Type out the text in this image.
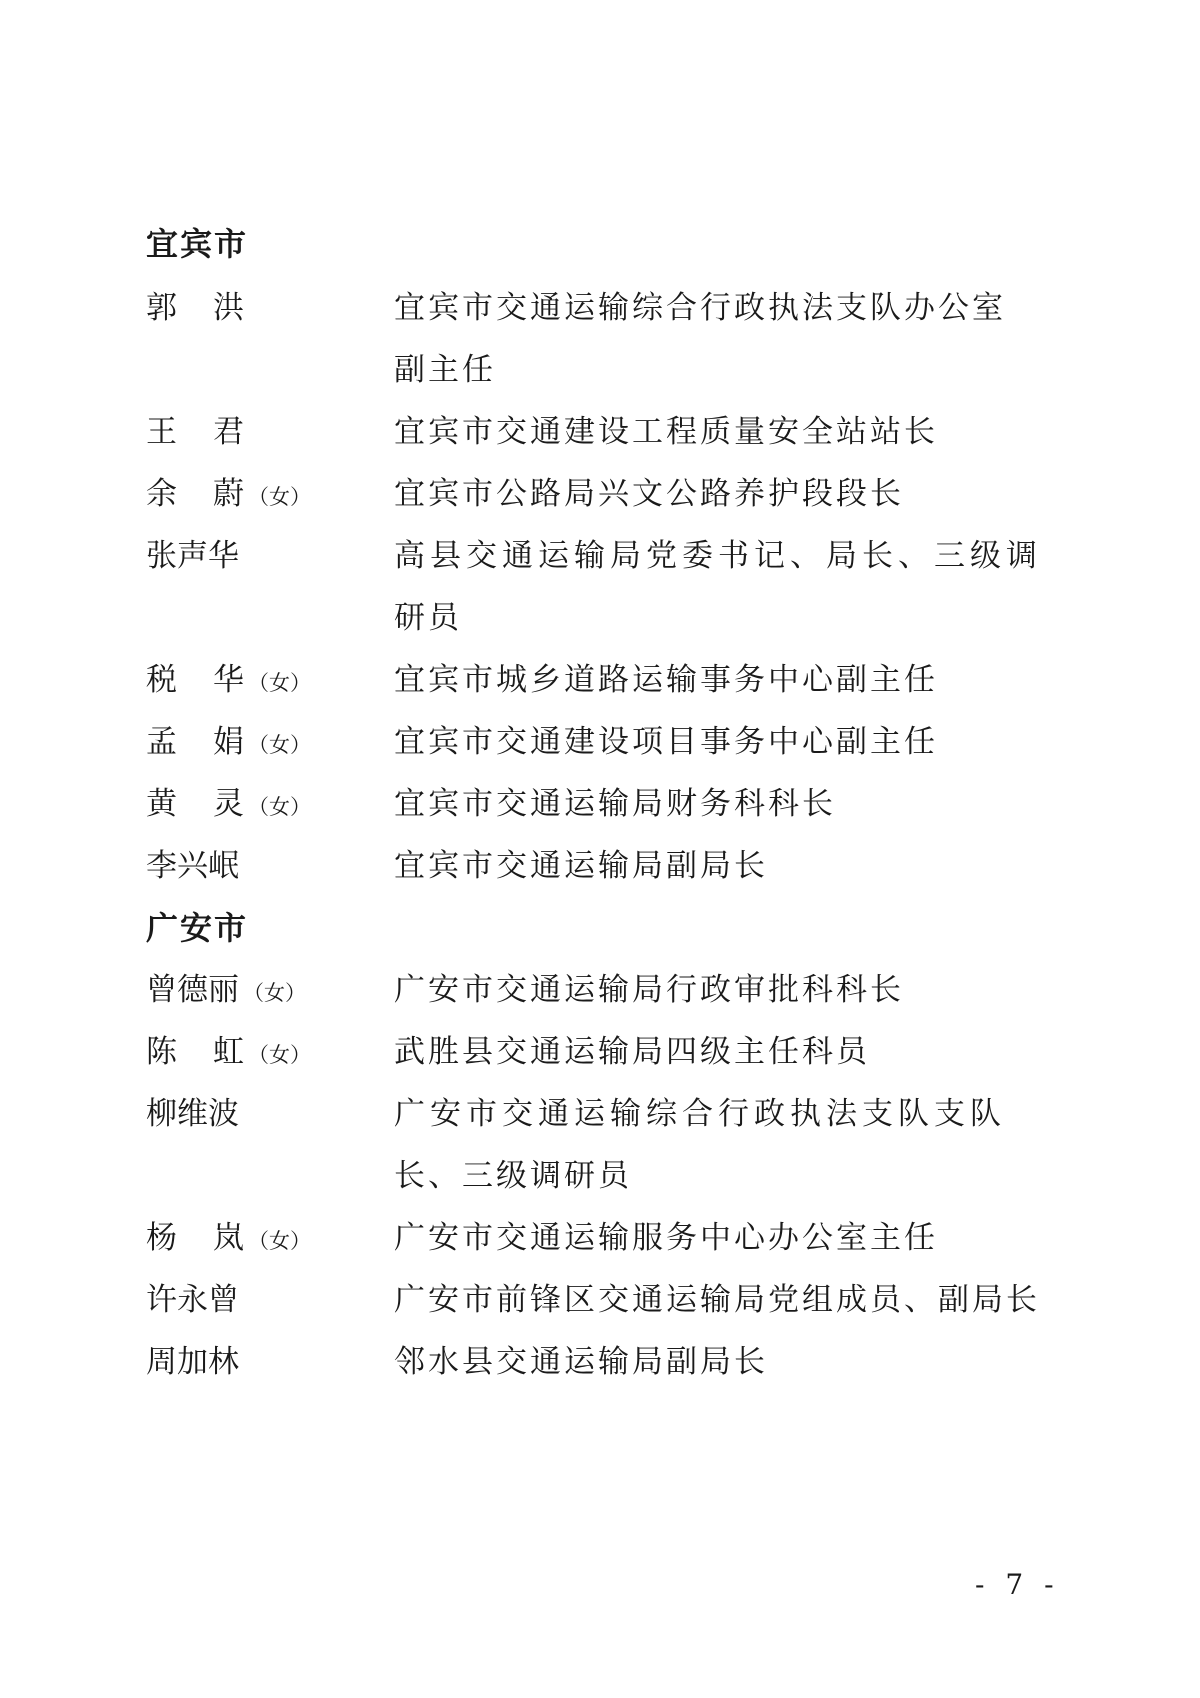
宜宾市
郭 洪	宜宾市交通运输综合行政执法支队办公室
副主任
王 君	宜宾市交通建设工程质量安全站站长
余 蔚 （女）	宜宾市公路局兴文公路养护段段长
张声华	高县交通运输局党委书记、局长、三级调
研员
税 华 （女）	宜宾市城乡道路运输事务中心副主任
孟 娟 （女）	宜宾市交通建设项目事务中心副主任
黄 灵 （女）	宜宾市交通运输局财务科科长
李兴岷	宜宾市交通运输局副局长
广安市
曾德丽 （女）	广安市交通运输局行政审批科科长
陈 虹 （女）	武胜县交通运输局四级主任科员
柳维波	广安市交通运输综合行政执法支队支队
长、三级调研员
杨 岚 （女）	广安市交通运输服务中心办公室主任
许永曾	广安市前锋区交通运输局党组成员、副局长
周加林	邻水县交通运输局副局长
- 7 -
